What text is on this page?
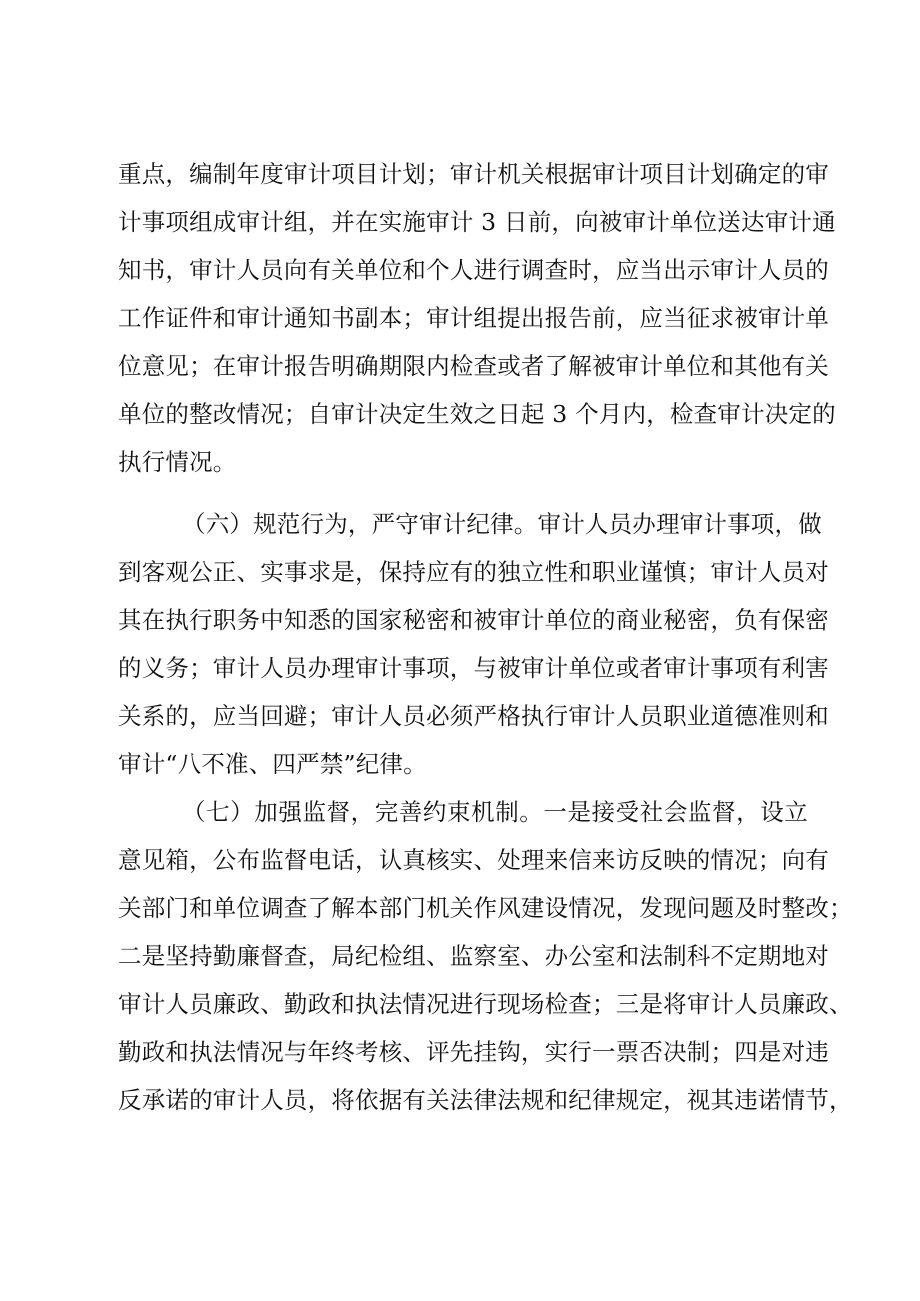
重点，编制年度审计项目计划；审计机关根据审计项目计划确定的审
计事项组成审计组，并在实施审计 3 日前，向被审计单位送达审计通
知书，审计人员向有关单位和个人进行调查时，应当出示审计人员的
工作证件和审计通知书副本；审计组提出报告前，应当征求被审计单
位意见；在审计报告明确期限内检查或者了解被审计单位和其他有关
单位的整改情况；自审计决定生效之日起 3 个月内，检查审计决定的
执行情况。
（六）规范行为，严守审计纪律。审计人员办理审计事项，做
到客观公正、实事求是，保持应有的独立性和职业谨慎；审计人员对
其在执行职务中知悉的国家秘密和被审计单位的商业秘密，负有保密
的义务；审计人员办理审计事项，与被审计单位或者审计事项有利害
关系的，应当回避；审计人员必须严格执行审计人员职业道德准则和
审计“八不准、四严禁”纪律。
（七）加强监督，完善约束机制。一是接受社会监督，设立
意见箱，公布监督电话，认真核实、处理来信来访反映的情况；向有
关部门和单位调查了解本部门机关作风建设情况，发现问题及时整改；
二是坚持勤廉督查，局纪检组、监察室、办公室和法制科不定期地对
审计人员廉政、勤政和执法情况进行现场检查；三是将审计人员廉政、
勤政和执法情况与年终考核、评先挂钩，实行一票否决制；四是对违
反承诺的审计人员，将依据有关法律法规和纪律规定，视其违诺情节，
